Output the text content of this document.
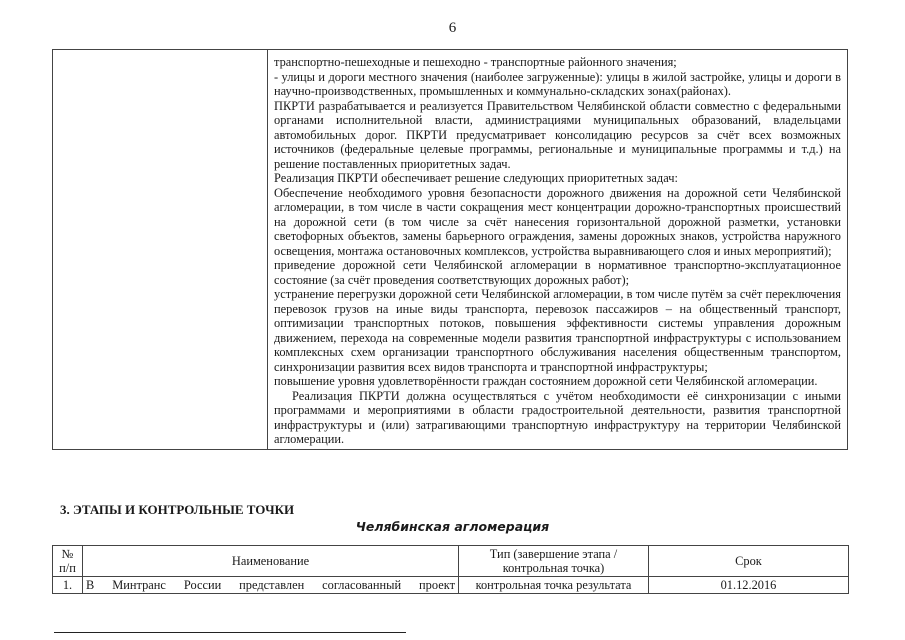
6

транспортно-пешеходные и пешеходно - транспортные районного значения;

- улицы и дороги местного значения (наиболее загруженные): улицы в жилой застройке, улицы и дороги в научно-производственных, промышленных и коммунально-складских зонах(районах).

ПКРТИ разрабатывается и реализуется Правительством Челябинской области совместно с федеральными органами исполнительной власти, администрациями муниципальных образований, владельцами автомобильных дорог. ПКРТИ предусматривает консолидацию ресурсов за счёт всех возможных источников (федеральные целевые программы, региональные и муниципальные программы и т.д.) на решение поставленных приоритетных задач.

Реализация ПКРТИ обеспечивает решение следующих приоритетных задач:

Обеспечение необходимого уровня безопасности дорожного движения на дорожной сети Челябинской агломерации, в том числе в части сокращения мест концентрации дорожно-транспортных происшествий на дорожной сети (в том числе за счёт нанесения горизонтальной дорожной разметки, установки светофорных объектов, замены барьерного ограждения, замены дорожных знаков, устройства наружного освещения, монтажа остановочных комплексов, устройства выравнивающего слоя и иных мероприятий);

приведение дорожной сети Челябинской агломерации в нормативное транспортно-эксплуатационное состояние (за счёт проведения соответствующих дорожных работ);

устранение перегрузки дорожной сети Челябинской агломерации, в том числе путём за счёт переключения перевозок грузов на иные виды транспорта, перевозок пассажиров – на общественный транспорт, оптимизации транспортных потоков, повышения эффективности системы управления дорожным движением, перехода на современные модели развития транспортной инфраструктуры с использованием комплексных схем организации транспортного обслуживания населения общественным транспортом, синхронизации развития всех видов транспорта и транспортной инфраструктуры;

повышение уровня удовлетворённости граждан состоянием дорожной сети Челябинской агломерации.

Реализация ПКРТИ должна осуществляться с учётом необходимости её синхронизации с иными программами и мероприятиями в области градостроительной деятельности, развития транспортной инфраструктуры и (или) затрагивающими транспортную инфраструктуру на территории Челябинской агломерации.

3. ЭТАПЫ И КОНТРОЛЬНЫЕ ТОЧКИ
Челябинская агломерация
№ п/п	Наименование	Тип (завершение этапа / контрольная точка)	Срок
1.	В Минтранс России представлен согласованный проект	контрольная точка результата	01.12.2016
